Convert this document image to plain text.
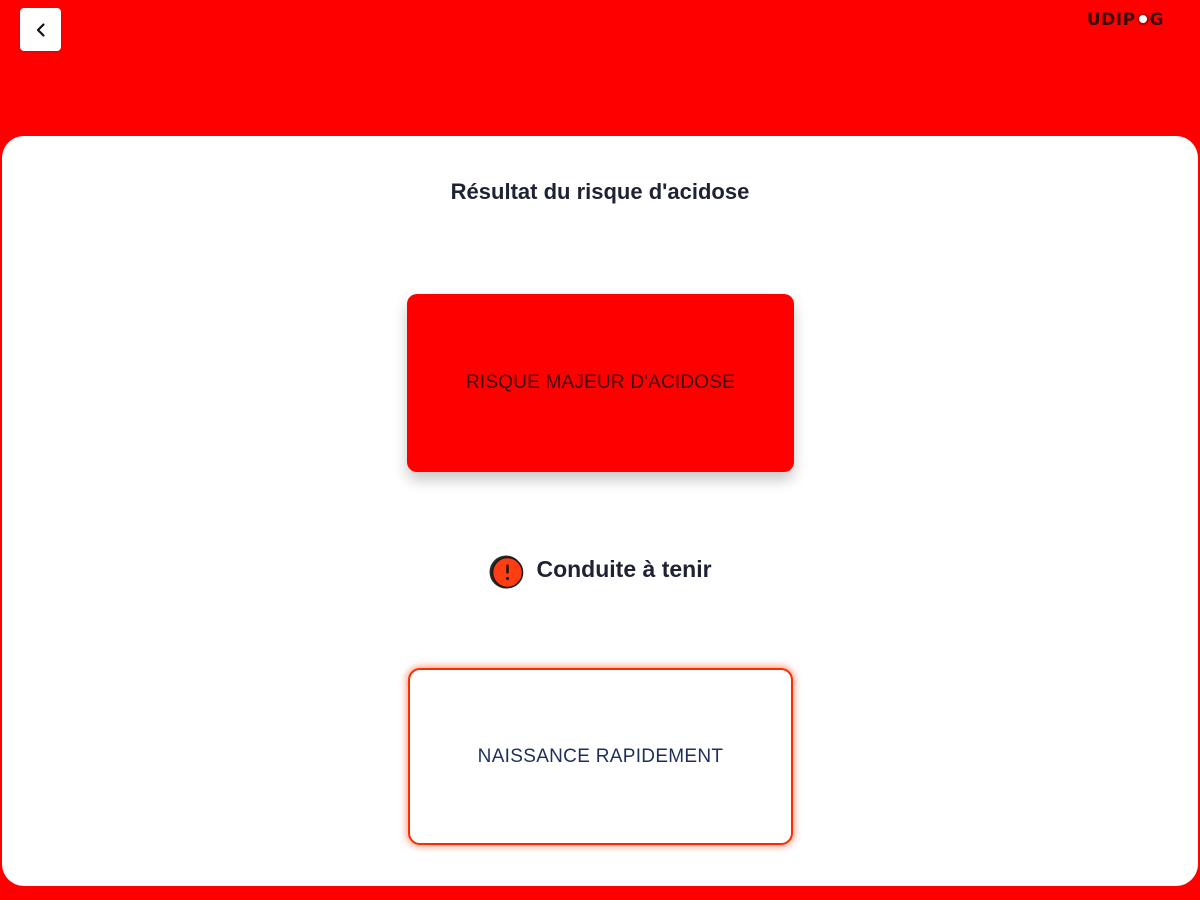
UDIP G
Résultat du risque d'acidose
RISQUE MAJEUR D'ACIDOSE
Conduite à tenir
NAISSANCE RAPIDEMENT
